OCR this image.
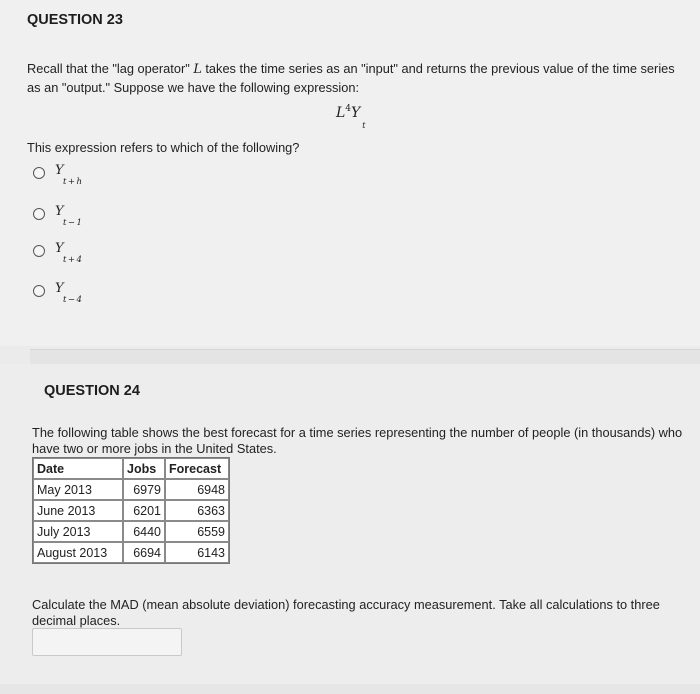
QUESTION 23
Recall that the "lag operator" L takes the time series as an "input" and returns the previous value of the time series as an "output." Suppose we have the following expression:
$L^4Y_t$
This expression refers to which of the following?
Y
t+h
Y
t−1
Y
t+4
Y
t−4
QUESTION 24
The following table shows the best forecast for a time series representing the number of people (in thousands) who have two or more jobs in the United States.
Date	Jobs	Forecast
May 2013	6979	6948
June 2013	6201	6363
July 2013	6440	6559
August 2013	6694	6143
Calculate the MAD (mean absolute deviation) forecasting accuracy measurement. Take all calculations to three decimal places.
